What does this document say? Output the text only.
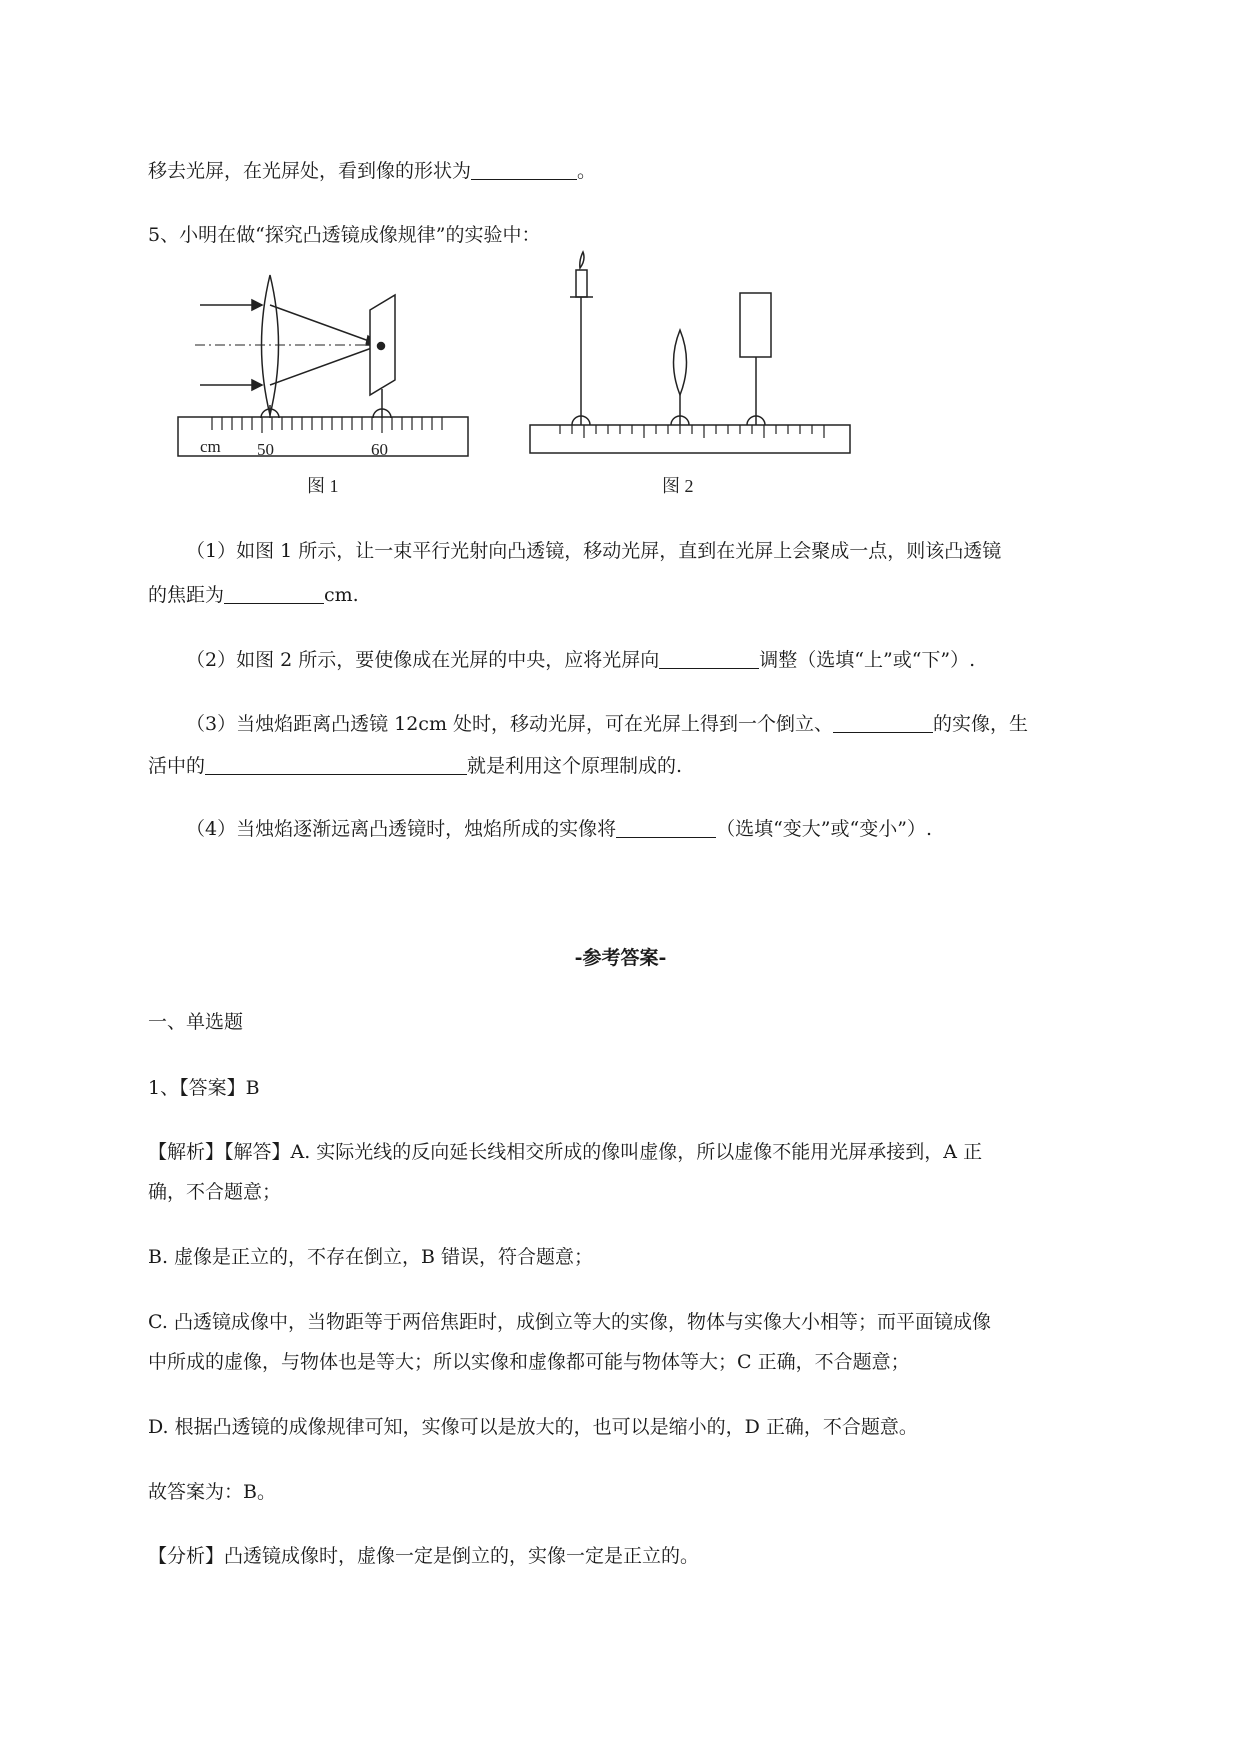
移去光屏，在光屏处，看到像的形状为	。
5、小明在做“探究凸透镜成像规律”的实验中：
cm 50	60
图 1	图 2
（1）如图 1 所示，让一束平行光射向凸透镜，移动光屏，直到在光屏上会聚成一点，则该凸透镜
的焦距为	cm.
（2）如图 2 所示，要使像成在光屏的中央，应将光屏向	调整（选填“上”或“下”）.
（3）当烛焰距离凸透镜 12cm 处时，移动光屏，可在光屏上得到一个倒立、	的实像，生
活中的	就是利用这个原理制成的.
（4）当烛焰逐渐远离凸透镜时，烛焰所成的实像将	（选填“变大”或“变小”）.
-参考答案-
一、单选题
1、【答案】B
【解析】【解答】A. 实际光线的反向延长线相交所成的像叫虚像，所以虚像不能用光屏承接到，A 正
确，不合题意；
B. 虚像是正立的，不存在倒立，B 错误，符合题意；
C. 凸透镜成像中，当物距等于两倍焦距时，成倒立等大的实像，物体与实像大小相等；而平面镜成像
中所成的虚像，与物体也是等大；所以实像和虚像都可能与物体等大；C 正确，不合题意；
D. 根据凸透镜的成像规律可知，实像可以是放大的，也可以是缩小的，D 正确，不合题意。
故答案为：B。
【分析】凸透镜成像时，虚像一定是倒立的，实像一定是正立的。
